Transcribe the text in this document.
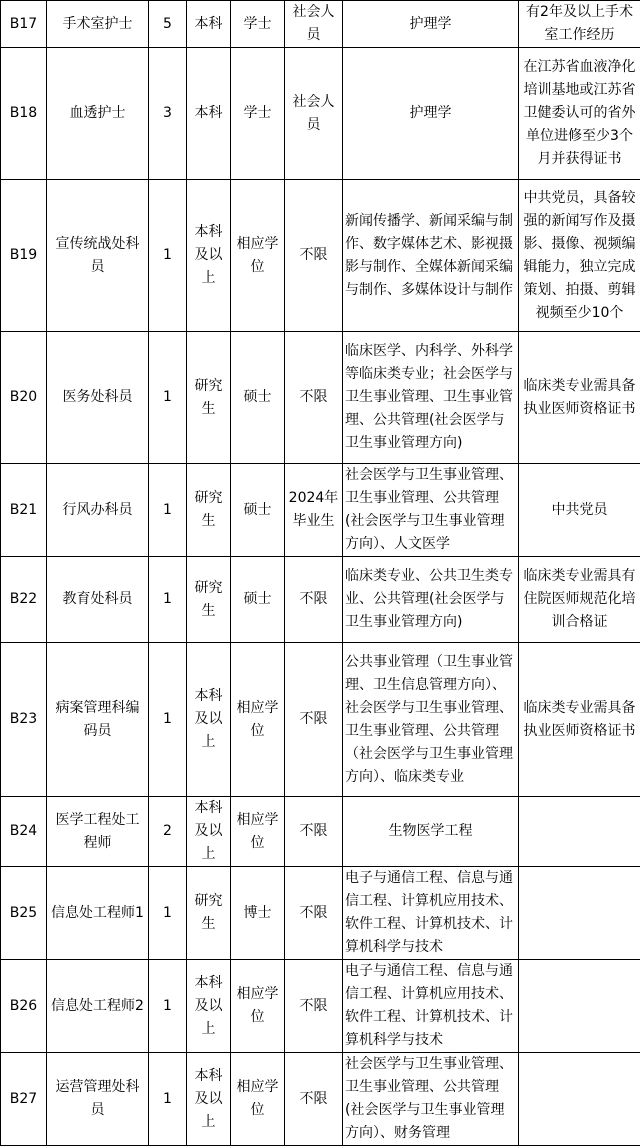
B17	手术室护士	5	本科	学士	社会人员	护理学	有2年及以上手术室工作经历
B18	血透护士	3	本科	学士	社会人员	护理学	在江苏省血液净化培训基地或江苏省卫健委认可的省外单位进修至少3个月并获得证书
B19	宣传统战处科员	1	本科及以上	相应学位	不限	新闻传播学、新闻采编与制作、数字媒体艺术、影视摄影与制作、全媒体新闻采编与制作、多媒体设计与制作	中共党员，具备较强的新闻写作及摄影、摄像、视频编辑能力，独立完成策划、拍摄、剪辑视频至少10个
B20	医务处科员	1	研究生	硕士	不限	临床医学、内科学、外科学等临床类专业；社会医学与卫生事业管理、卫生事业管理、公共管理(社会医学与卫生事业管理方向)	临床类专业需具备执业医师资格证书
B21	行风办科员	1	研究生	硕士	2024年毕业生	社会医学与卫生事业管理、卫生事业管理、公共管理(社会医学与卫生事业管理方向）、人文医学	中共党员
B22	教育处科员	1	研究生	硕士	不限	临床类专业、公共卫生类专业、公共管理(社会医学与卫生事业管理方向)	临床类专业需具有住院医师规范化培训合格证
B23	病案管理科编码员	1	本科及以上	相应学位	不限	公共事业管理（卫生事业管理、卫生信息管理方向）、社会医学与卫生事业管理、卫生事业管理、公共管理（社会医学与卫生事业管理方向）、临床类专业	临床类专业需具备执业医师资格证书
B24	医学工程处工程师	2	本科及以上	相应学位	不限	生物医学工程	
B25	信息处工程师1	1	研究生	博士	不限	电子与通信工程、信息与通信工程、计算机应用技术、软件工程、计算机技术、计算机科学与技术	
B26	信息处工程师2	1	本科及以上	相应学位	不限	电子与通信工程、信息与通信工程、计算机应用技术、软件工程、计算机技术、计算机科学与技术	
B27	运营管理处科员	1	本科及以上	相应学位	不限	社会医学与卫生事业管理、卫生事业管理、公共管理(社会医学与卫生事业管理方向）、财务管理	
